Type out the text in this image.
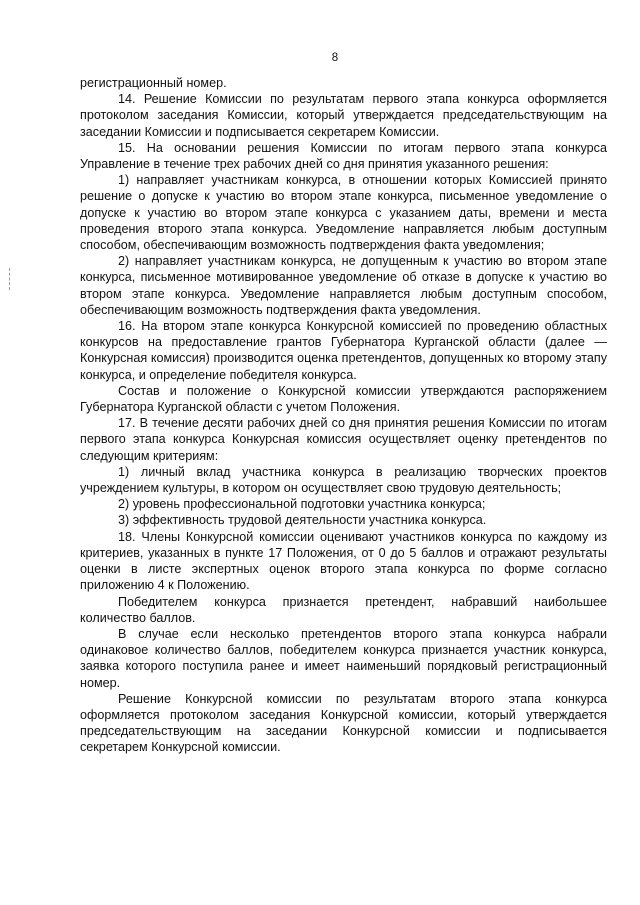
8

регистрационный номер.

14. Решение Комиссии по результатам первого этапа конкурса оформляется протоколом заседания Комиссии, который утверждается председательствующим на заседании Комиссии и подписывается секретарем Комиссии.

15. На основании решения Комиссии по итогам первого этапа конкурса Управление в течение трех рабочих дней со дня принятия указанного решения:

1) направляет участникам конкурса, в отношении которых Комиссией принято решение о допуске к участию во втором этапе конкурса, письменное уведомление о допуске к участию во втором этапе конкурса с указанием даты, времени и места проведения второго этапа конкурса. Уведомление направляется любым доступным способом, обеспечивающим возможность подтверждения факта уведомления;

2) направляет участникам конкурса, не допущенным к участию во втором этапе конкурса, письменное мотивированное уведомление об отказе в допуске к участию во втором этапе конкурса. Уведомление направляется любым доступным способом, обеспечивающим возможность подтверждения факта уведомления.

16. На втором этапе конкурса Конкурсной комиссией по проведению областных конкурсов на предоставление грантов Губернатора Курганской области (далее — Конкурсная комиссия) производится оценка претендентов, допущенных ко второму этапу конкурса, и определение победителя конкурса.

Состав и положение о Конкурсной комиссии утверждаются распоряжением Губернатора Курганской области с учетом Положения.

17. В течение десяти рабочих дней со дня принятия решения Комиссии по итогам первого этапа конкурса Конкурсная комиссия осуществляет оценку претендентов по следующим критериям:

1) личный вклад участника конкурса в реализацию творческих проектов учреждением культуры, в котором он осуществляет свою трудовую деятельность;

2) уровень профессиональной подготовки участника конкурса;

3) эффективность трудовой деятельности участника конкурса.

18. Члены Конкурсной комиссии оценивают участников конкурса по каждому из критериев, указанных в пункте 17 Положения, от 0 до 5 баллов и отражают результаты оценки в листе экспертных оценок второго этапа конкурса по форме согласно приложению 4 к Положению.

Победителем конкурса признается претендент, набравший наибольшее количество баллов.

В случае если несколько претендентов второго этапа конкурса набрали одинаковое количество баллов, победителем конкурса признается участник конкурса, заявка которого поступила ранее и имеет наименьший порядковый регистрационный номер.

Решение Конкурсной комиссии по результатам второго этапа конкурса оформляется протоколом заседания Конкурсной комиссии, который утверждается председательствующим на заседании Конкурсной комиссии и подписывается секретарем Конкурсной комиссии.
